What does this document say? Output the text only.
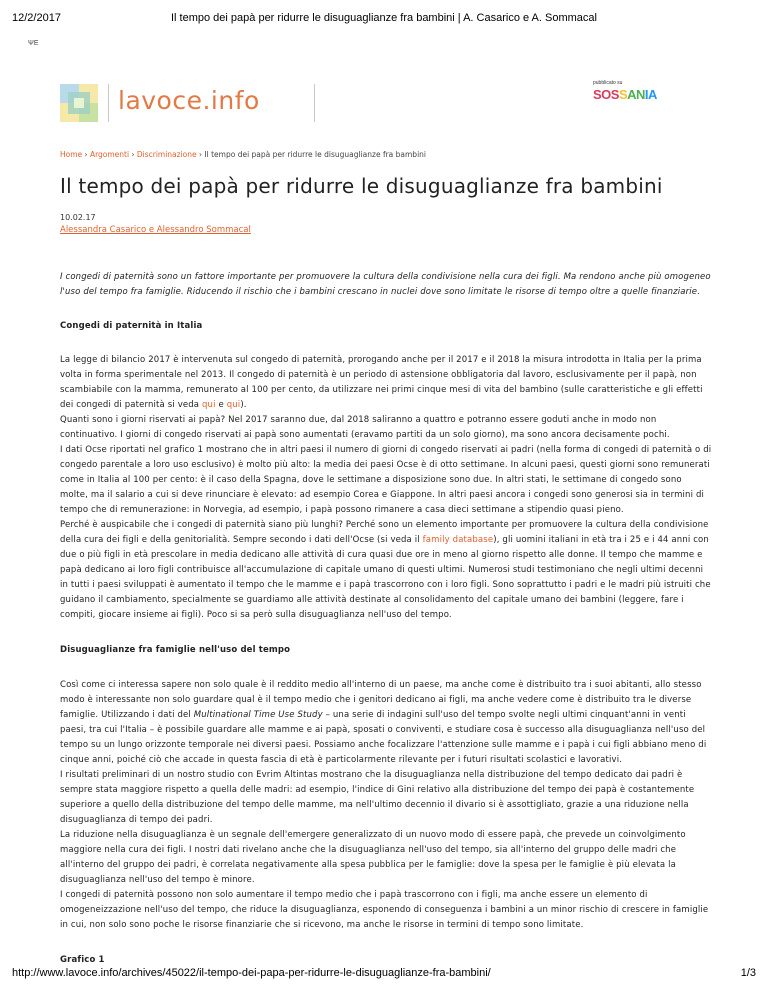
12/2/2017	Il tempo dei papà per ridurre le disuguaglianze fra bambini | A. Casarico e A. Sommacal
ΨE
lavoce.info
pubblicato su
SOSSANIA
Home › Argomenti › Discriminazione › Il tempo dei papà per ridurre le disuguaglianze fra bambini
Il tempo dei papà per ridurre le disuguaglianze fra bambini
10.02.17
Alessandra Casarico e Alessandro Sommacal

I congedi di paternità sono un fattore importante per promuovere la cultura della condivisione nella cura dei figli. Ma rendono anche più omogeneo l'uso del tempo fra famiglie. Riducendo il rischio che i bambini crescano in nuclei dove sono limitate le risorse di tempo oltre a quelle finanziarie.

Congedi di paternità in Italia

La legge di bilancio 2017 è intervenuta sul congedo di paternità, prorogando anche per il 2017 e il 2018 la misura introdotta in Italia per la prima volta in forma sperimentale nel 2013. Il congedo di paternità è un periodo di astensione obbligatoria dal lavoro, esclusivamente per il papà, non scambiabile con la mamma, remunerato al 100 per cento, da utilizzare nei primi cinque mesi di vita del bambino (sulle caratteristiche e gli effetti dei congedi di paternità si veda qui e qui).

Quanti sono i giorni riservati ai papà? Nel 2017 saranno due, dal 2018 saliranno a quattro e potranno essere goduti anche in modo non continuativo. I giorni di congedo riservati ai papà sono aumentati (eravamo partiti da un solo giorno), ma sono ancora decisamente pochi.

I dati Ocse riportati nel grafico 1 mostrano che in altri paesi il numero di giorni di congedo riservati ai padri (nella forma di congedi di paternità o di congedo parentale a loro uso esclusivo) è molto più alto: la media dei paesi Ocse è di otto settimane. In alcuni paesi, questi giorni sono remunerati come in Italia al 100 per cento: è il caso della Spagna, dove le settimane a disposizione sono due. In altri stati, le settimane di congedo sono molte, ma il salario a cui si deve rinunciare è elevato: ad esempio Corea e Giappone. In altri paesi ancora i congedi sono generosi sia in termini di tempo che di remunerazione: in Norvegia, ad esempio, i papà possono rimanere a casa dieci settimane a stipendio quasi pieno.

Perché è auspicabile che i congedi di paternità siano più lunghi? Perché sono un elemento importante per promuovere la cultura della condivisione della cura dei figli e della genitorialità. Sempre secondo i dati dell'Ocse (si veda il family database), gli uomini italiani in età tra i 25 e i 44 anni con due o più figli in età prescolare in media dedicano alle attività di cura quasi due ore in meno al giorno rispetto alle donne. Il tempo che mamme e papà dedicano ai loro figli contribuisce all'accumulazione di capitale umano di questi ultimi. Numerosi studi testimoniano che negli ultimi decenni in tutti i paesi sviluppati è aumentato il tempo che le mamme e i papà trascorrono con i loro figli. Sono soprattutto i padri e le madri più istruiti che guidano il cambiamento, specialmente se guardiamo alle attività destinate al consolidamento del capitale umano dei bambini (leggere, fare i compiti, giocare insieme ai figli). Poco si sa però sulla disuguaglianza nell'uso del tempo.

Disuguaglianze fra famiglie nell'uso del tempo

Così come ci interessa sapere non solo quale è il reddito medio all'interno di un paese, ma anche come è distribuito tra i suoi abitanti, allo stesso modo è interessante non solo guardare qual è il tempo medio che i genitori dedicano ai figli, ma anche vedere come è distribuito tra le diverse famiglie. Utilizzando i dati del Multinational Time Use Study – una serie di indagini sull'uso del tempo svolte negli ultimi cinquant'anni in venti paesi, tra cui l'Italia – è possibile guardare alle mamme e ai papà, sposati o conviventi, e studiare cosa è successo alla disuguaglianza nell'uso del tempo su un lungo orizzonte temporale nei diversi paesi. Possiamo anche focalizzare l'attenzione sulle mamme e i papà i cui figli abbiano meno di cinque anni, poiché ciò che accade in questa fascia di età è particolarmente rilevante per i futuri risultati scolastici e lavorativi.

I risultati preliminari di un nostro studio con Evrim Altintas mostrano che la disuguaglianza nella distribuzione del tempo dedicato dai padri è sempre stata maggiore rispetto a quella delle madri: ad esempio, l'indice di Gini relativo alla distribuzione del tempo dei papà è costantemente superiore a quello della distribuzione del tempo delle mamme, ma nell'ultimo decennio il divario si è assottigliato, grazie a una riduzione nella disuguaglianza di tempo dei padri.

La riduzione nella disuguaglianza è un segnale dell'emergere generalizzato di un nuovo modo di essere papà, che prevede un coinvolgimento maggiore nella cura dei figli. I nostri dati rivelano anche che la disuguaglianza nell'uso del tempo, sia all'interno del gruppo delle madri che all'interno del gruppo dei padri, è correlata negativamente alla spesa pubblica per le famiglie: dove la spesa per le famiglie è più elevata la disuguaglianza nell'uso del tempo è minore.

I congedi di paternità possono non solo aumentare il tempo medio che i papà trascorrono con i figli, ma anche essere un elemento di omogeneizzazione nell'uso del tempo, che riduce la disuguaglianza, esponendo di conseguenza i bambini a un minor rischio di crescere in famiglie in cui, non solo sono poche le risorse finanziarie che si ricevono, ma anche le risorse in termini di tempo sono limitate.

Grafico 1

http://www.lavoce.info/archives/45022/il-tempo-dei-papa-per-ridurre-le-disuguaglianze-fra-bambini/	1/3
